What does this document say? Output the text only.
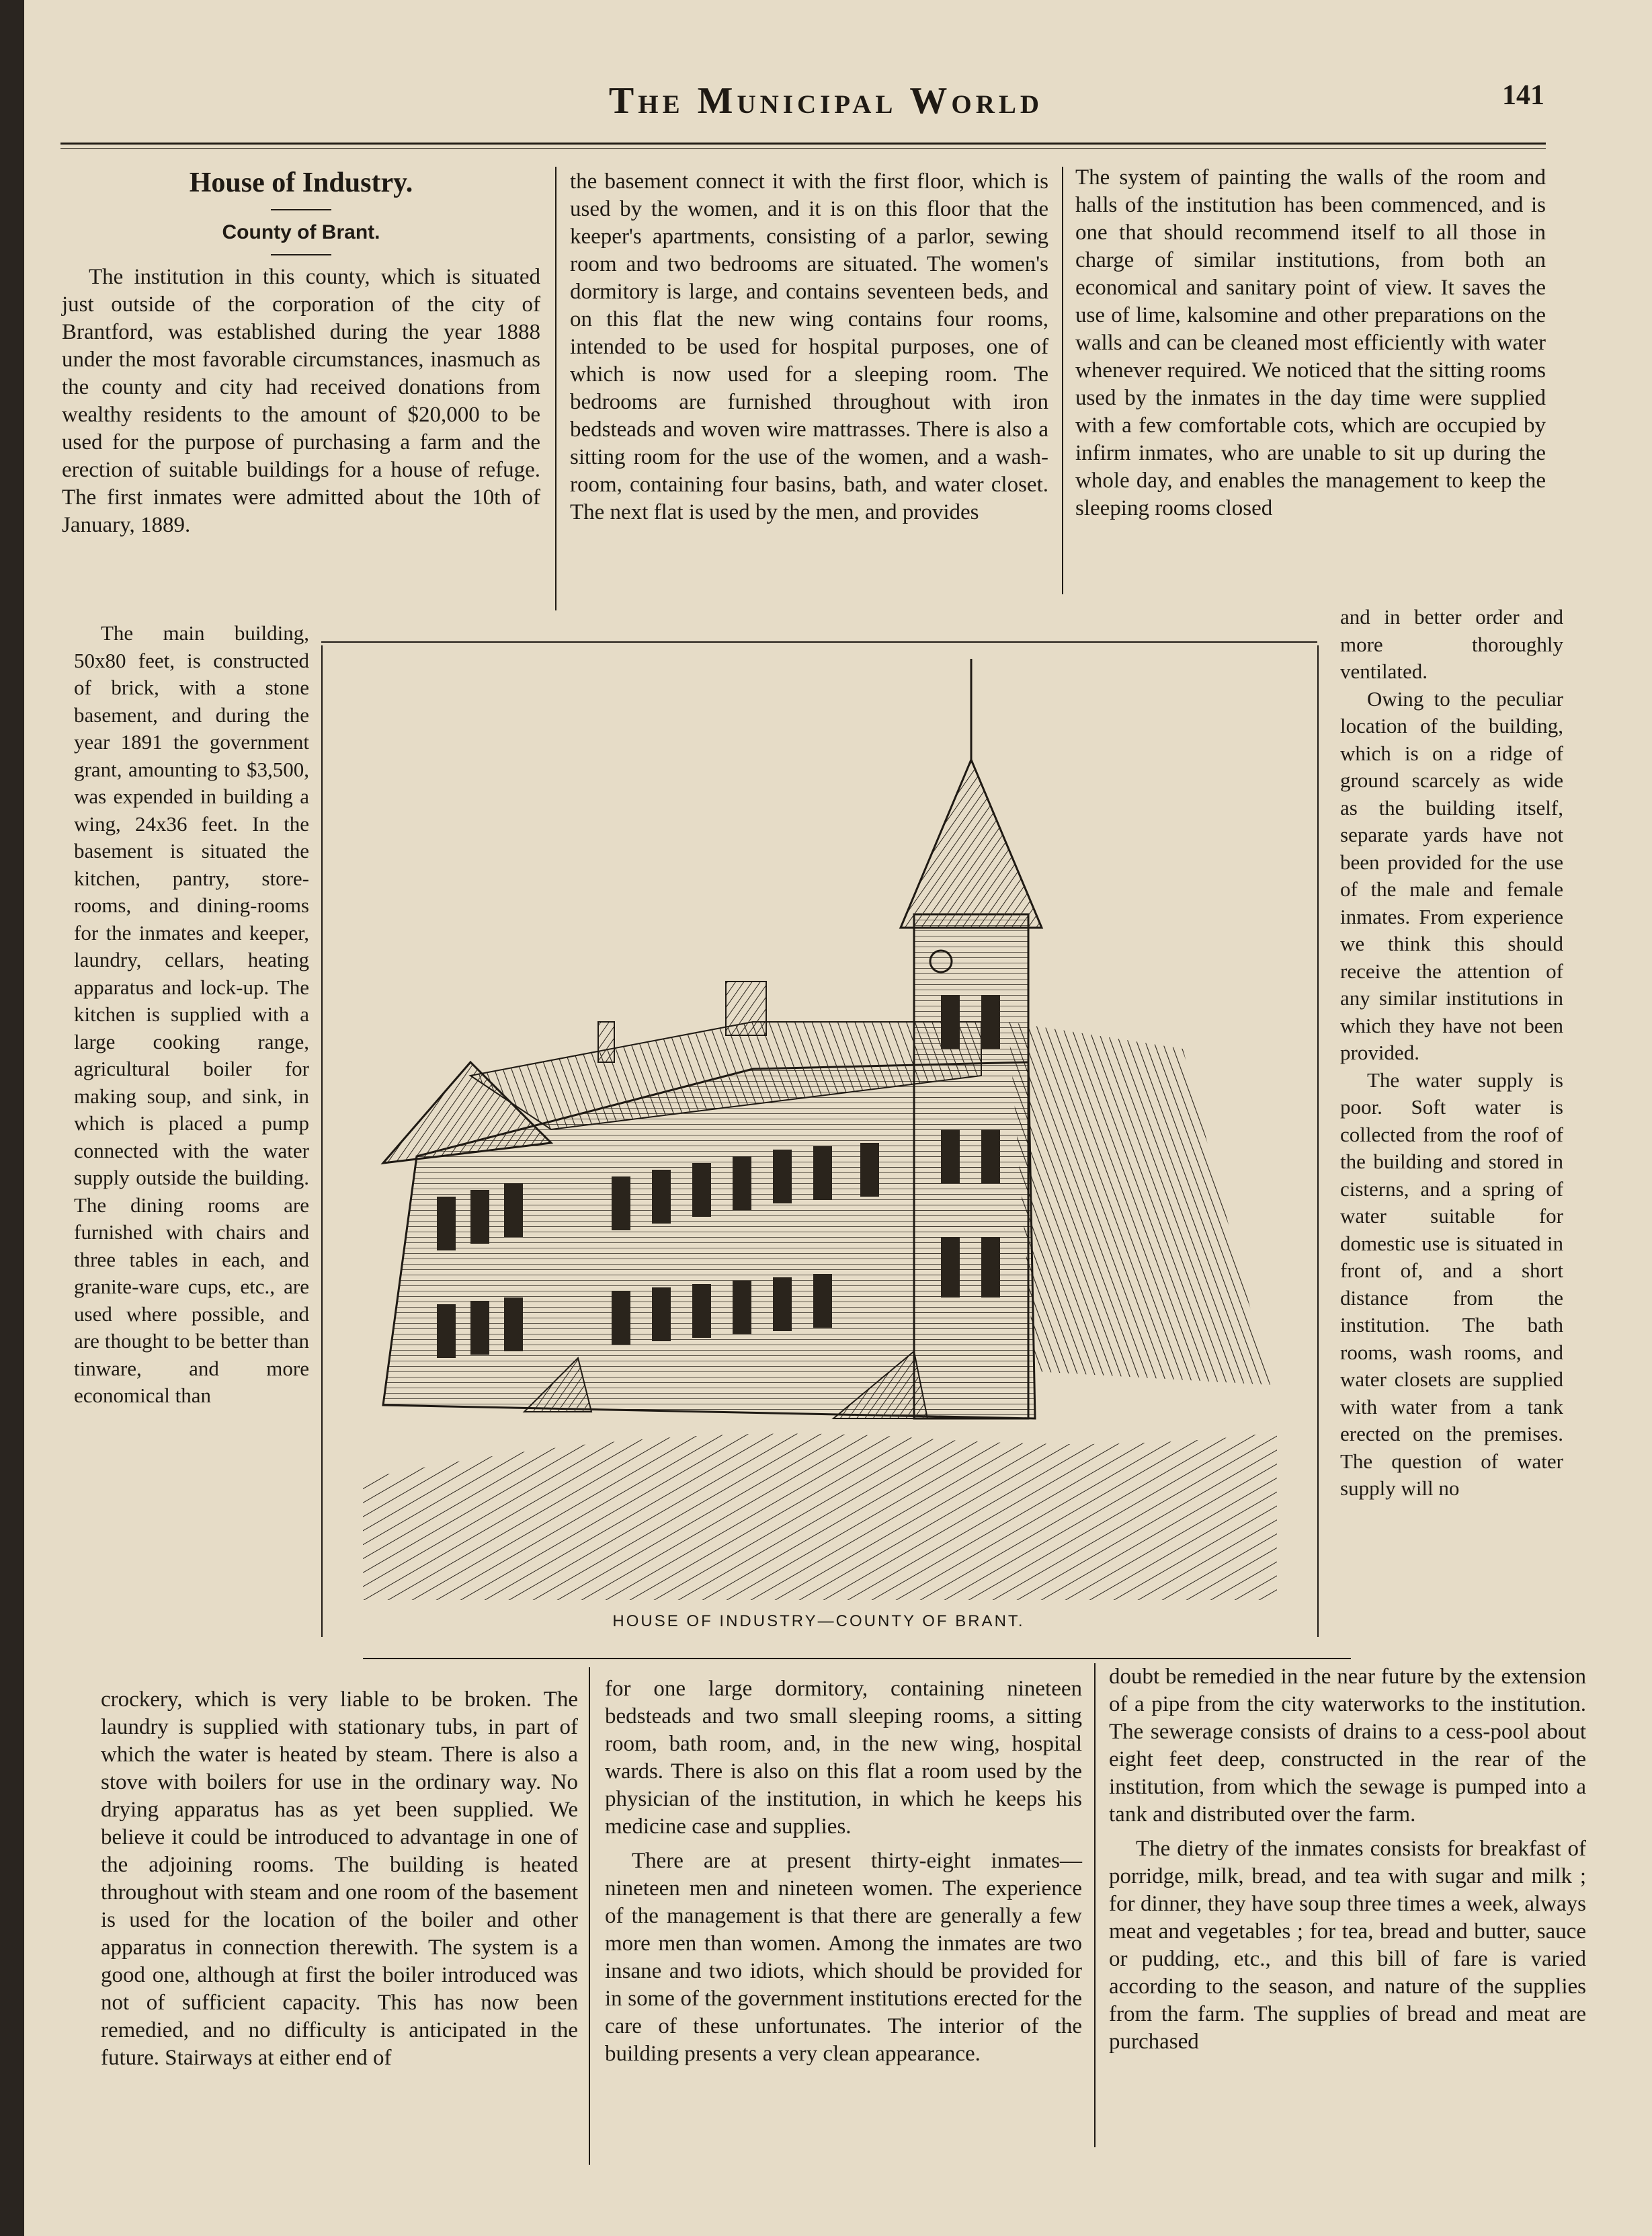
The Municipal World	141
House of Industry.
County of Brant.

The institution in this county, which is situated just outside of the corporation of the city of Brantford, was established during the year 1888 under the most favorable circumstances, inasmuch as the county and city had received donations from wealthy residents to the amount of $20,000 to be used for the purpose of purchasing a farm and the erection of suitable buildings for a house of refuge. The first inmates were admitted about the 10th of January, 1889.

The main building, 50x80 feet, is constructed of brick, with a stone basement, and during the year 1891 the government grant, amounting to $3,500, was expended in building a wing, 24x36 feet. In the basement is situated the kitchen, pantry, store-rooms, and dining-rooms for the inmates and keeper, laundry, cellars, heating apparatus and lock-up. The kitchen is supplied with a large cooking range, agricultural boiler for making soup, and sink, in which is placed a pump connected with the water supply outside the building. The dining rooms are furnished with chairs and three tables in each, and granite-ware cups, etc., are used where possible, and are thought to be better than tinware, and more economical than

crockery, which is very liable to be broken. The laundry is supplied with stationary tubs, in part of which the water is heated by steam. There is also a stove with boilers for use in the ordinary way. No drying apparatus has as yet been supplied. We believe it could be introduced to advantage in one of the adjoining rooms. The building is heated throughout with steam and one room of the basement is used for the location of the boiler and other apparatus in connection therewith. The system is a good one, although at first the boiler introduced was not of sufficient capacity. This has now been remedied, and no difficulty is anticipated in the future. Stairways at either end of

the basement connect it with the first floor, which is used by the women, and it is on this floor that the keeper's apartments, consisting of a parlor, sewing room and two bedrooms are situated. The women's dormitory is large, and contains seventeen beds, and on this flat the new wing contains four rooms, intended to be used for hospital purposes, one of which is now used for a sleeping room. The bedrooms are furnished throughout with iron bedsteads and woven wire mattrasses. There is also a sitting room for the use of the women, and a wash-room, containing four basins, bath, and water closet. The next flat is used by the men, and provides

for one large dormitory, containing nineteen bedsteads and two small sleeping rooms, a sitting room, bath room, and, in the new wing, hospital wards. There is also on this flat a room used by the physician of the institution, in which he keeps his medicine case and supplies.

There are at present thirty-eight inmates—nineteen men and nineteen women. The experience of the management is that there are generally a few more men than women. Among the inmates are two insane and two idiots, which should be provided for in some of the government institutions erected for the care of these unfortunates. The interior of the building presents a very clean appearance.

The system of painting the walls of the room and halls of the institution has been commenced, and is one that should recommend itself to all those in charge of similar institutions, from both an economical and sanitary point of view. It saves the use of lime, kalsomine and other preparations on the walls and can be cleaned most efficiently with water whenever required. We noticed that the sitting rooms used by the inmates in the day time were supplied with a few comfortable cots, which are occupied by infirm inmates, who are unable to sit up during the whole day, and enables the management to keep the sleeping rooms closed

and in better order and more thoroughly ventilated.

Owing to the peculiar location of the building, which is on a ridge of ground scarcely as wide as the building itself, separate yards have not been provided for the use of the male and female inmates. From experience we think this should receive the attention of any similar institutions in which they have not been provided.

The water supply is poor. Soft water is collected from the roof of the building and stored in cisterns, and a spring of water suitable for domestic use is situated in front of, and a short distance from the institution. The bath rooms, wash rooms, and water closets are supplied with water from a tank erected on the premises. The question of water supply will no

doubt be remedied in the near future by the extension of a pipe from the city waterworks to the institution. The sewerage consists of drains to a cess-pool about eight feet deep, constructed in the rear of the institution, from which the sewage is pumped into a tank and distributed over the farm.

The dietry of the inmates consists for breakfast of porridge, milk, bread, and tea with sugar and milk ; for dinner, they have soup three times a week, always meat and vegetables ; for tea, bread and butter, sauce or pudding, etc., and this bill of fare is varied according to the season, and nature of the supplies from the farm. The supplies of bread and meat are purchased

HOUSE OF INDUSTRY—COUNTY OF BRANT.
